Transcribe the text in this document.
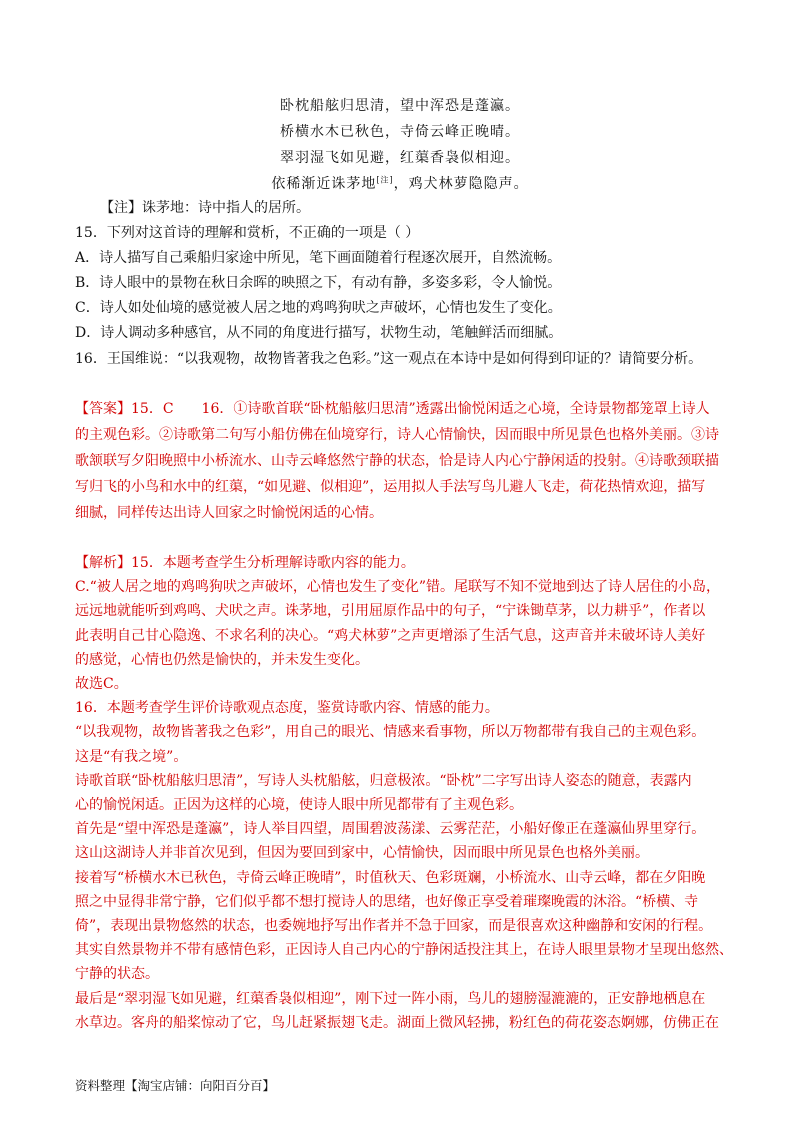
卧枕船舷归思清，望中浑恐是蓬瀛。
桥横水木已秋色，寺倚云峰正晚晴。
翠羽湿飞如见避，红蕖香袅似相迎。
依稀渐近诛茅地[注]，鸡犬林萝隐隐声。
【注】诛茅地：诗中指人的居所。
15．下列对这首诗的理解和赏析，不正确的一项是（ ）
A．诗人描写自己乘船归家途中所见，笔下画面随着行程逐次展开，自然流畅。
B．诗人眼中的景物在秋日余晖的映照之下，有动有静，多姿多彩，令人愉悦。
C．诗人如处仙境的感觉被人居之地的鸡鸣狗吠之声破坏，心情也发生了变化。
D．诗人调动多种感官，从不同的角度进行描写，状物生动，笔触鲜活而细腻。
16．王国维说：“以我观物，故物皆著我之色彩。”这一观点在本诗中是如何得到印证的？请简要分析。
【答案】15．C 16．①诗歌首联“卧枕船舷归思清”透露出愉悦闲适之心境，全诗景物都笼罩上诗人
的主观色彩。②诗歌第二句写小船仿佛在仙境穿行，诗人心情愉快，因而眼中所见景色也格外美丽。③诗
歌颔联写夕阳晚照中小桥流水、山寺云峰悠然宁静的状态，恰是诗人内心宁静闲适的投射。④诗歌颈联描
写归飞的小鸟和水中的红蕖，“如见避、似相迎”，运用拟人手法写鸟儿避人飞走，荷花热情欢迎，描写
细腻，同样传达出诗人回家之时愉悦闲适的心情。
【解析】15．本题考查学生分析理解诗歌内容的能力。
C.“被人居之地的鸡鸣狗吠之声破坏，心情也发生了变化”错。尾联写不知不觉地到达了诗人居住的小岛，
远远地就能听到鸡鸣、犬吠之声。诛茅地，引用屈原作品中的句子，“宁诛锄草茅，以力耕乎”，作者以
此表明自己甘心隐逸、不求名利的决心。“鸡犬林萝”之声更增添了生活气息，这声音并未破坏诗人美好
的感觉，心情也仍然是愉快的，并未发生变化。
故选C。
16．本题考查学生评价诗歌观点态度，鉴赏诗歌内容、情感的能力。
“以我观物，故物皆著我之色彩”，用自己的眼光、情感来看事物，所以万物都带有我自己的主观色彩。
这是“有我之境”。
诗歌首联“卧枕船舷归思清”，写诗人头枕船舷，归意极浓。“卧枕”二字写出诗人姿态的随意，表露内
心的愉悦闲适。正因为这样的心境，使诗人眼中所见都带有了主观色彩。
首先是“望中浑恐是蓬瀛”，诗人举目四望，周围碧波荡漾、云雾茫茫，小船好像正在蓬瀛仙界里穿行。
这山这湖诗人并非首次见到，但因为要回到家中，心情愉快，因而眼中所见景色也格外美丽。
接着写“桥横水木已秋色，寺倚云峰正晚晴”，时值秋天、色彩斑斓，小桥流水、山寺云峰，都在夕阳晚
照之中显得非常宁静，它们似乎都不想打搅诗人的思绪，也好像正享受着璀璨晚霞的沐浴。“桥横、寺
倚”，表现出景物悠然的状态，也委婉地抒写出作者并不急于回家，而是很喜欢这种幽静和安闲的行程。
其实自然景物并不带有感情色彩，正因诗人自己内心的宁静闲适投注其上，在诗人眼里景物才呈现出悠然、
宁静的状态。
最后是“翠羽湿飞如见避，红蕖香袅似相迎”，刚下过一阵小雨，鸟儿的翅膀湿漉漉的，正安静地栖息在
资料整理【淘宝店铺：向阳百分百】
水草边。客舟的船桨惊动了它，鸟儿赶紧振翅飞走。湖面上微风轻拂，粉红色的荷花姿态婀娜，仿佛正在
